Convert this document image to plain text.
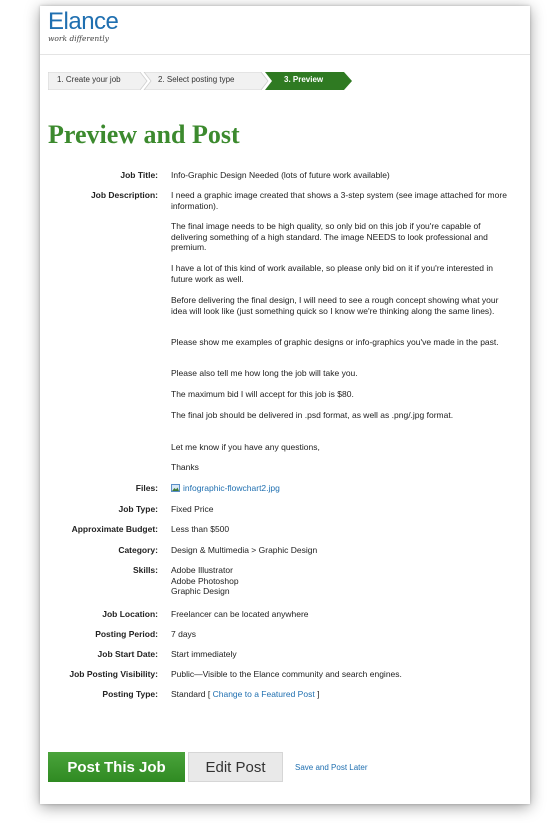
Elance
work differently
1. Create your job	2. Select posting type	3. Preview
Preview and Post
Job Title: Info-Graphic Design Needed (lots of future work available)
Job Description: I need a graphic image created that shows a 3-step system (see image attached for more information).
The final image needs to be high quality, so only bid on this job if you're capable of delivering something of a high standard. The image NEEDS to look professional and premium.
I have a lot of this kind of work available, so please only bid on it if you're interested in future work as well.
Before delivering the final design, I will need to see a rough concept showing what your idea will look like (just something quick so I know we're thinking along the same lines).
Please show me examples of graphic designs or info-graphics you've made in the past.
Please also tell me how long the job will take you.
The maximum bid I will accept for this job is $80.
The final job should be delivered in .psd format, as well as .png/.jpg format.
Let me know if you have any questions,
Thanks
Files:	infographic-flowchart2.jpg
Job Type: Fixed Price
Approximate Budget: Less than $500
Category: Design & Multimedia > Graphic Design
Skills: Adobe Illustrator
Adobe Photoshop
Graphic Design
Job Location: Freelancer can be located anywhere
Posting Period: 7 days
Job Start Date: Start immediately
Job Posting Visibility: Public—Visible to the Elance community and search engines.
Posting Type: Standard [ Change to a Featured Post ]
Post This Job	Edit Post	Save and Post Later
